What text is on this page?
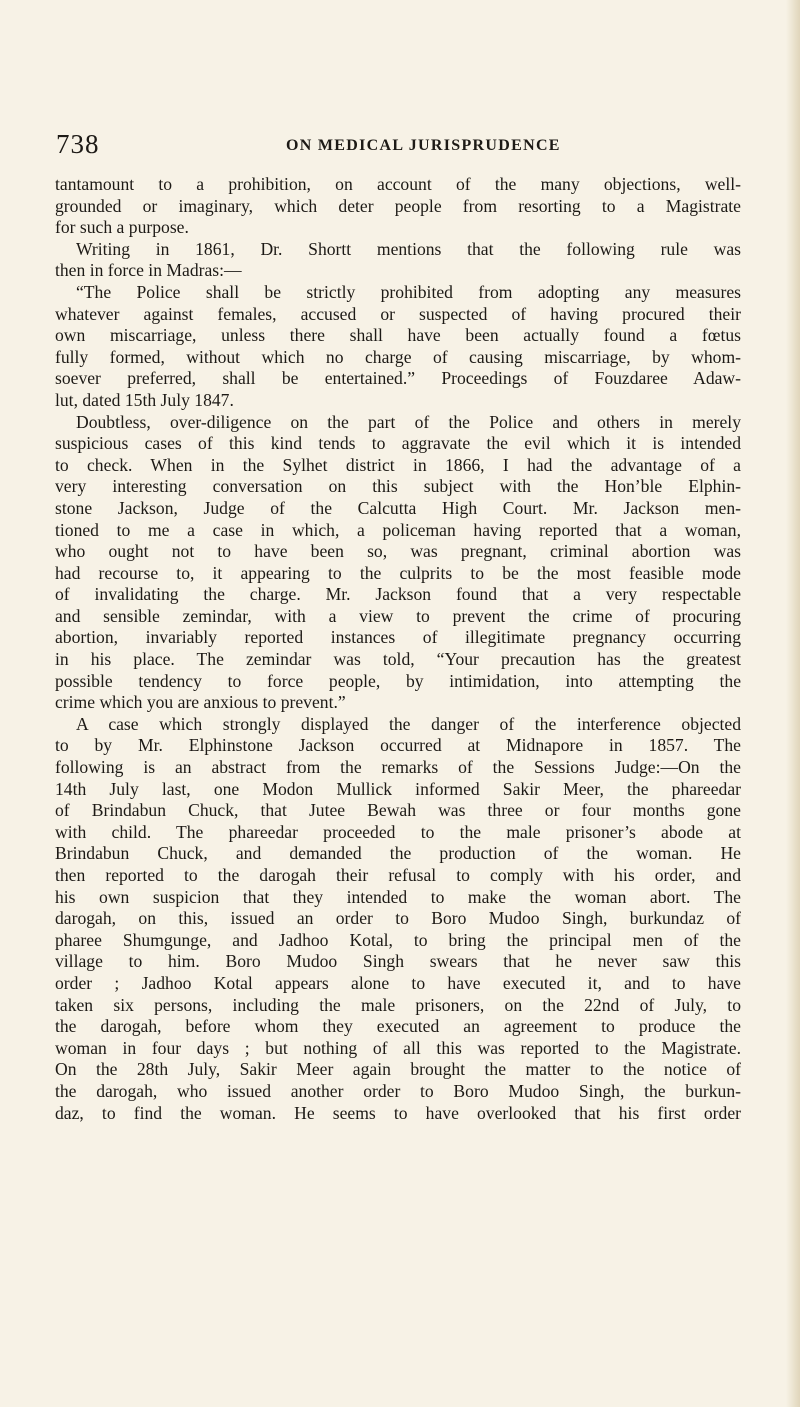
738	ON MEDICAL JURISPRUDENCE
tantamount to a prohibition, on account of the many objections, well-
grounded or imaginary, which deter people from resorting to a Magistrate
for such a purpose.
Writing in 1861, Dr. Shortt mentions that the following rule was
then in force in Madras:—
“The Police shall be strictly prohibited from adopting any measures
whatever against females, accused or suspected of having procured their
own miscarriage, unless there shall have been actually found a fœtus
fully formed, without which no charge of causing miscarriage, by whom-
soever preferred, shall be entertained.” Proceedings of Fouzdaree Adaw-
lut, dated 15th July 1847.
Doubtless, over-diligence on the part of the Police and others in merely
suspicious cases of this kind tends to aggravate the evil which it is intended
to check. When in the Sylhet district in 1866, I had the advantage of a
very interesting conversation on this subject with the Hon’ble Elphin-
stone Jackson, Judge of the Calcutta High Court. Mr. Jackson men-
tioned to me a case in which, a policeman having reported that a woman,
who ought not to have been so, was pregnant, criminal abortion was
had recourse to, it appearing to the culprits to be the most feasible mode
of invalidating the charge. Mr. Jackson found that a very respectable
and sensible zemindar, with a view to prevent the crime of procuring
abortion, invariably reported instances of illegitimate pregnancy occurring
in his place. The zemindar was told, “Your precaution has the greatest
possible tendency to force people, by intimidation, into attempting the
crime which you are anxious to prevent.”
A case which strongly displayed the danger of the interference objected
to by Mr. Elphinstone Jackson occurred at Midnapore in 1857. The
following is an abstract from the remarks of the Sessions Judge:—On the
14th July last, one Modon Mullick informed Sakir Meer, the phareedar
of Brindabun Chuck, that Jutee Bewah was three or four months gone
with child. The phareedar proceeded to the male prisoner’s abode at
Brindabun Chuck, and demanded the production of the woman. He
then reported to the darogah their refusal to comply with his order, and
his own suspicion that they intended to make the woman abort. The
darogah, on this, issued an order to Boro Mudoo Singh, burkundaz of
pharee Shumgunge, and Jadhoo Kotal, to bring the principal men of the
village to him. Boro Mudoo Singh swears that he never saw this
order ; Jadhoo Kotal appears alone to have executed it, and to have
taken six persons, including the male prisoners, on the 22nd of July, to
the darogah, before whom they executed an agreement to produce the
woman in four days ; but nothing of all this was reported to the Magistrate.
On the 28th July, Sakir Meer again brought the matter to the notice of
the darogah, who issued another order to Boro Mudoo Singh, the burkun-
daz, to find the woman. He seems to have overlooked that his first order
